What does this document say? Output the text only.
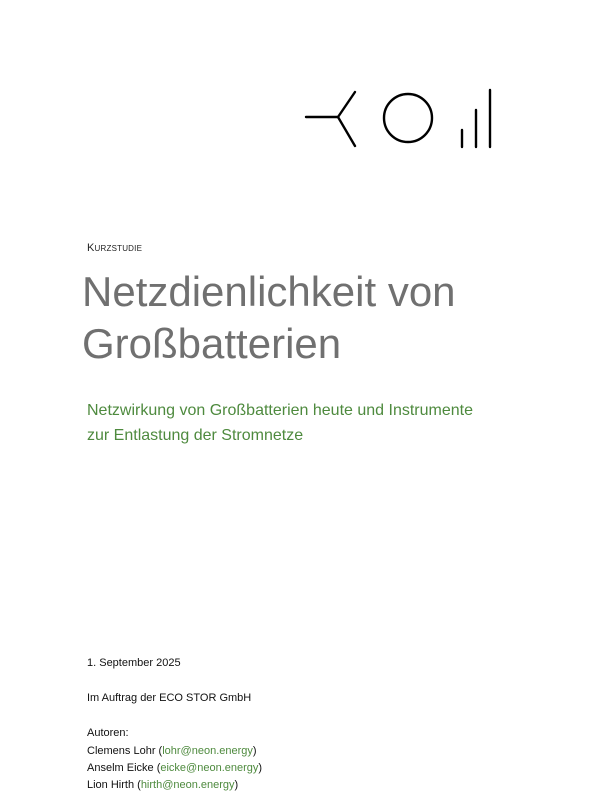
Kurzstudie
Netzdienlichkeit von
Großbatterien

Netzwirkung von Großbatterien heute und Instrumente
zur Entlastung der Stromnetze

1. September 2025
Im Auftrag der ECO STOR GmbH
Autoren:
Clemens Lohr (lohr@neon.energy)
Anselm Eicke (eicke@neon.energy)
Lion Hirth (hirth@neon.energy)
